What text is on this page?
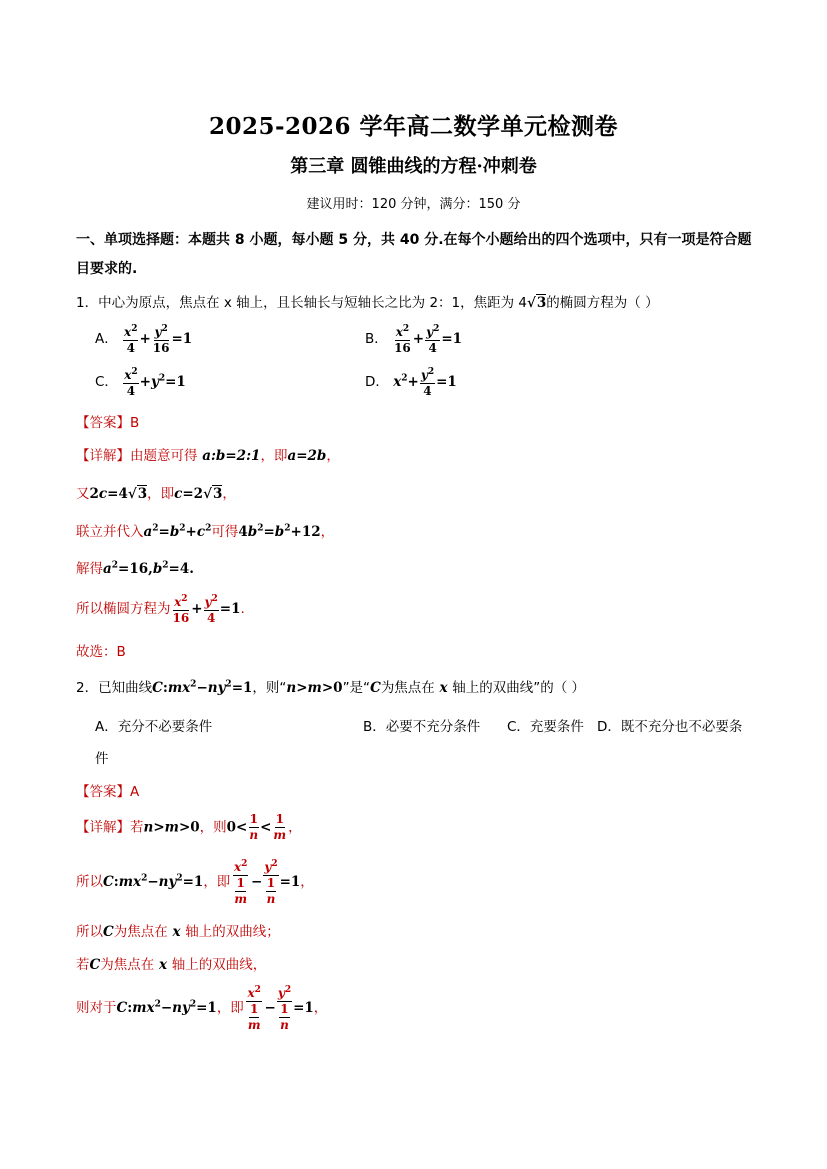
2025-2026 学年高二数学单元检测卷
第三章 圆锥曲线的方程·冲刺卷
建议用时：120 分钟，满分：150 分
一、单项选择题：本题共 8 小题，每小题 5 分，共 40 分.在每个小题给出的四个选项中，只有一项是符合题目要求的.
1．中心为原点，焦点在 x 轴上，且长轴长与短轴长之比为 2：1，焦距为 4√3的椭圆方程为（ ）
A． $\frac{x^2}{4} + \frac{y^2}{16} =1$	B． $\frac{x^2}{16} + \frac{y^2}{4} =1$
C． $\frac{x^2}{4} +y^2=1$	D． $x^2+ \frac{y^2}{4} =1$
【答案】B
【详解】由题意可得 a:b=2:1，即a=2b，
又2c=4√3，即c=2√3，
联立并代入$a^2=b^2+c^2$可得$4b^2=b^2+12$，
解得$a^2=16,b^2=4$.
所以椭圆方程为 $\frac{x^2}{16} + \frac{y^2}{4} =1$.
故选：B
2．已知曲线$C:mx^2-ny^2=1$，则“n>m>0”是“C为焦点在 x 轴上的双曲线”的（ ）
A．充分不必要条件	B．必要不充分条件 C．充要条件 D．既不充分也不必要条
件
【答案】A
【详解】若n>m>0，则$0< \frac{1}{n} < \frac{1}{m}$ ，
所以$C:mx^2-ny^2=1$，即 $\frac{x^2}{\frac{1}{m}} - \frac{y^2}{\frac{1}{n}} =1$，
所以C为焦点在 x 轴上的双曲线；
若C为焦点在 x 轴上的双曲线，
则对于$C:mx^2-ny^2=1$，即 $\frac{x^2}{\frac{1}{m}} - \frac{y^2}{\frac{1}{n}} =1$，
